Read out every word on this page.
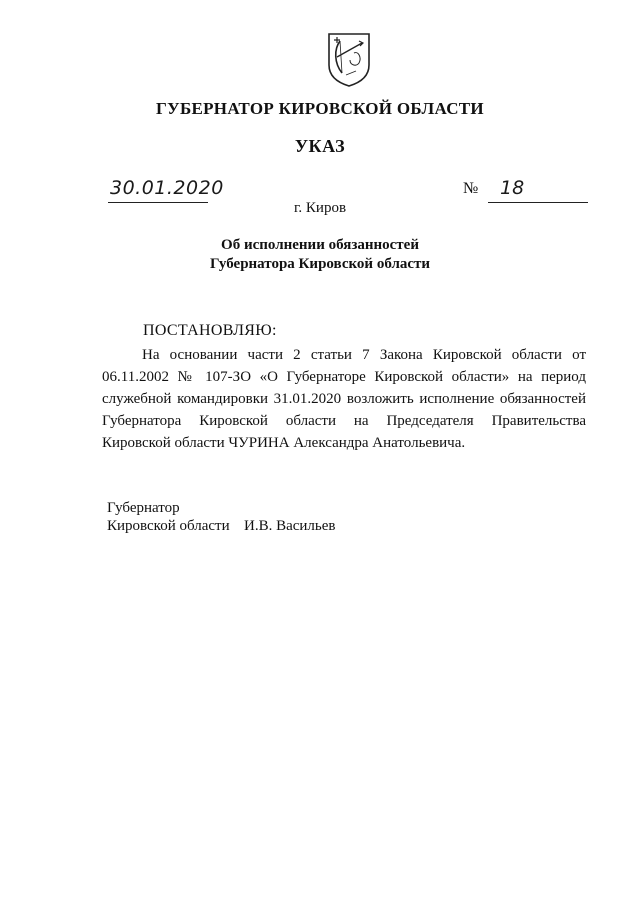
ГУБЕРНАТОР КИРОВСКОЙ ОБЛАСТИ
УКАЗ
30.01.2020	№ 18
г. Киров
Об исполнении обязанностей
Губернатора Кировской области
ПОСТАНОВЛЯЮ:
На основании части 2 статьи 7 Закона Кировской области от 06.11.2002 № 107-ЗО «О Губернаторе Кировской области» на период служебной командировки 31.01.2020 возложить исполнение обязанностей Губернатора Кировской области на Председателя Правительства Кировской области ЧУРИНА Александра Анатольевича.
Губернатор
Кировской области И.В. Васильев
